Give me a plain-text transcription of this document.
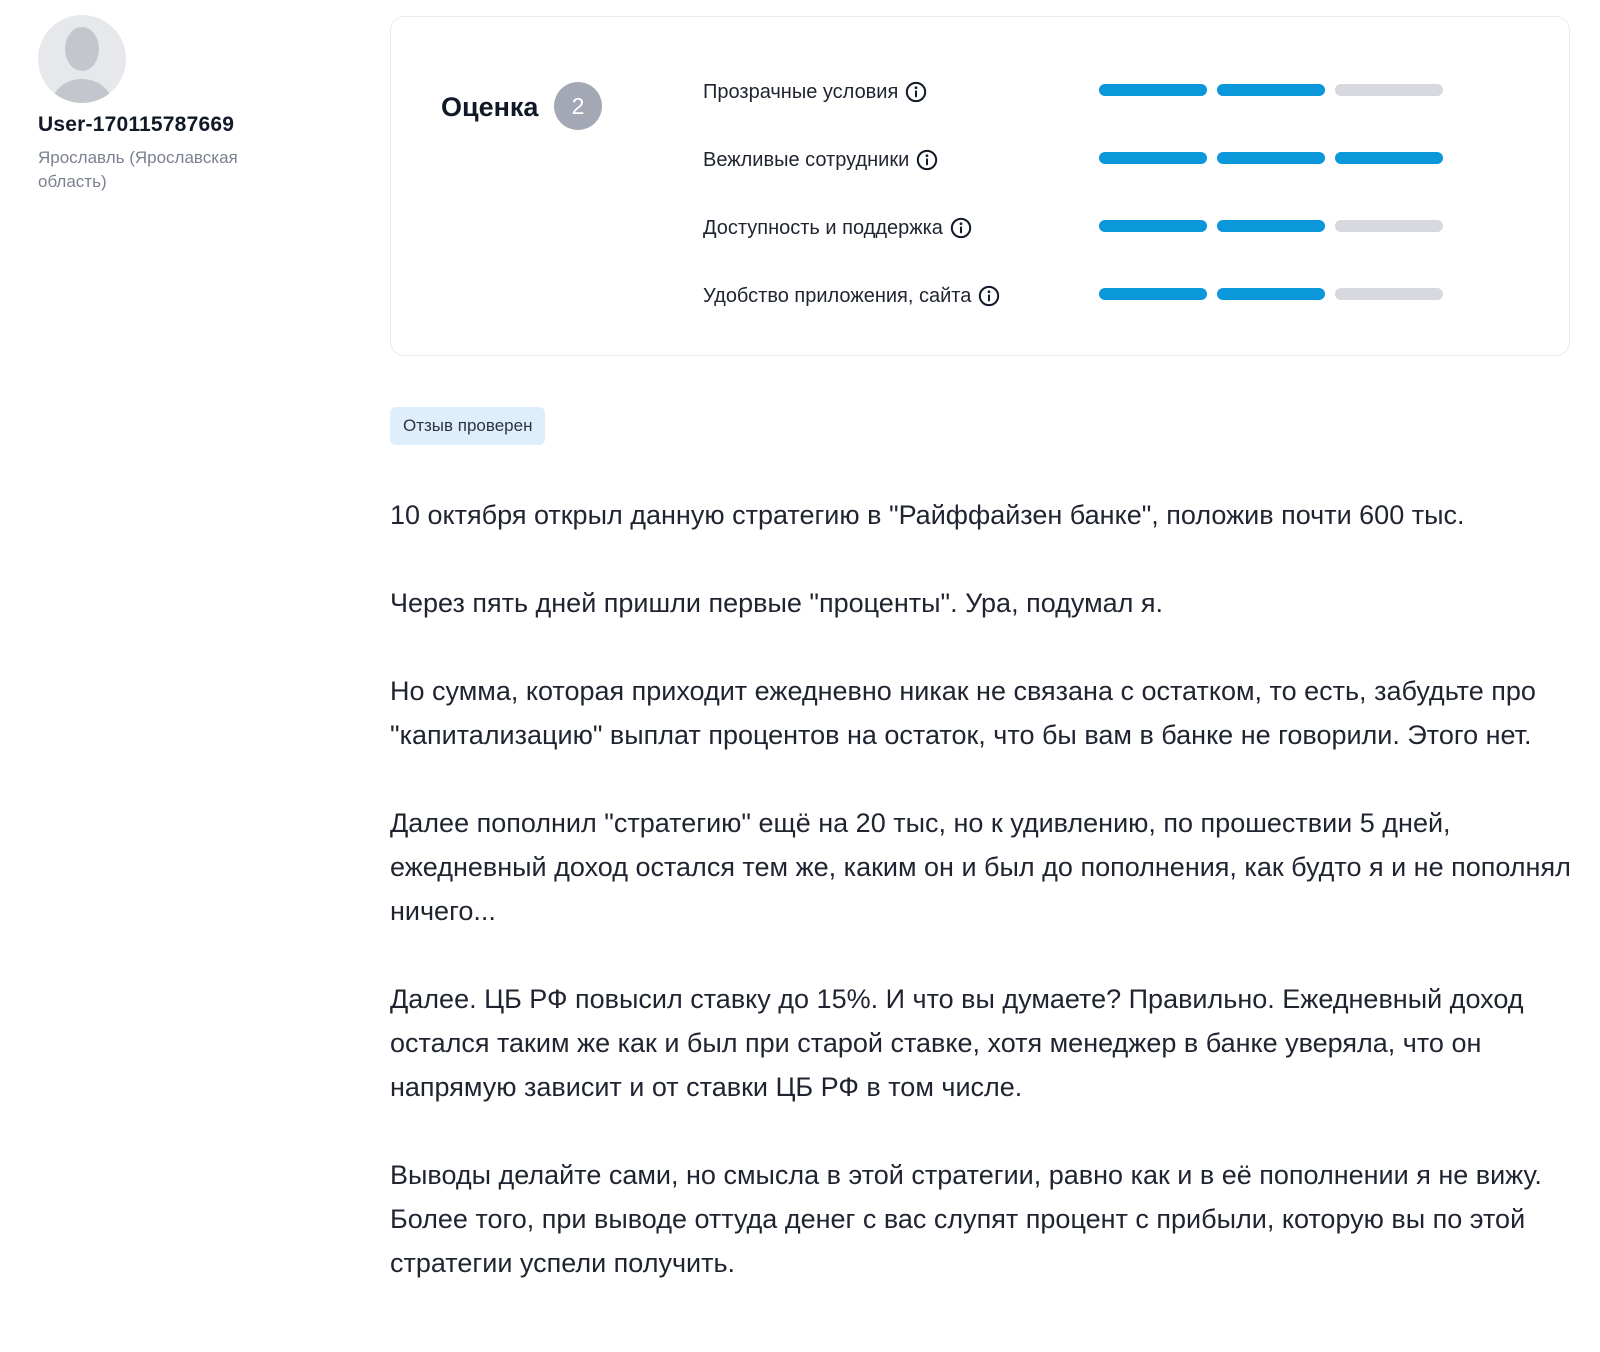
User-170115787669
Ярославль (Ярославская область)
Оценка	2
Прозрачные условия
Вежливые сотрудники
Доступность и поддержка
Удобство приложения, сайта
Отзыв проверен

10 октября открыл данную стратегию в "Райффайзен банке", положив почти 600 тыс.

Через пять дней пришли первые "проценты". Ура, подумал я.

Но сумма, которая приходит ежедневно никак не связана с остатком, то есть, забудьте про "капитализацию" выплат процентов на остаток, что бы вам в банке не говорили. Этого нет.

Далее пополнил "стратегию" ещё на 20 тыс, но к удивлению, по прошествии 5 дней, ежедневный доход остался тем же, каким он и был до пополнения, как будто я и не пополнял ничего...

Далее. ЦБ РФ повысил ставку до 15%. И что вы думаете? Правильно. Ежедневный доход остался таким же как и был при старой ставке, хотя менеджер в банке уверяла, что он напрямую зависит и от ставки ЦБ РФ в том числе.

Выводы делайте сами, но смысла в этой стратегии, равно как и в её пополнении я не вижу. Более того, при выводе оттуда денег с вас слупят процент с прибыли, которую вы по этой стратегии успели получить.
